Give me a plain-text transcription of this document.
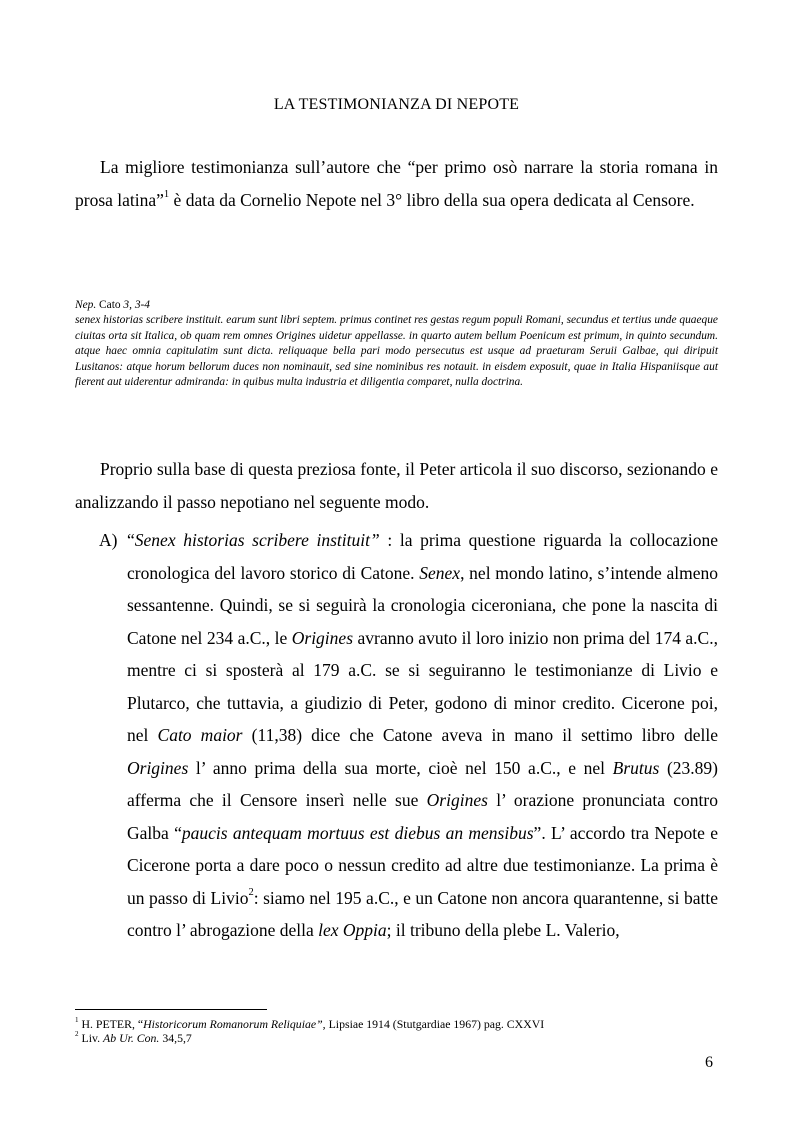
LA TESTIMONIANZA DI NEPOTE
La migliore testimonianza sull’autore che “per primo osò narrare la storia romana in prosa latina”$^1$ è data da Cornelio Nepote nel 3° libro della sua opera dedicata al Censore.
Nep. Cato 3, 3-4
senex historias scribere instituit. earum sunt libri septem. primus continet res gestas regum populi Romani, secundus et tertius unde quaeque ciuitas orta sit Italica, ob quam rem omnes Origines uidetur appellasse. in quarto autem bellum Poenicum est primum, in quinto secundum. atque haec omnia capitulatim sunt dicta. reliquaque bella pari modo persecutus est usque ad praeturam Seruii Galbae, qui diripuit Lusitanos: atque horum bellorum duces non nominauit, sed sine nominibus res notauit. in eisdem exposuit, quae in Italia Hispaniisque aut fierent aut uiderentur admiranda: in quibus multa industria et diligentia comparet, nulla doctrina.
Proprio sulla base di questa preziosa fonte, il Peter articola il suo discorso, sezionando e analizzando il passo nepotiano nel seguente modo.
A) “Senex historias scribere instituit” : la prima questione riguarda la collocazione cronologica del lavoro storico di Catone. Senex, nel mondo latino, s’intende almeno sessantenne. Quindi, se si seguirà la cronologia ciceroniana, che pone la nascita di Catone nel 234 a.C., le Origines avranno avuto il loro inizio non prima del 174 a.C., mentre ci si sposterà al 179 a.C. se si seguiranno le testimonianze di Livio e Plutarco, che tuttavia, a giudizio di Peter, godono di minor credito. Cicerone poi, nel Cato maior (11,38) dice che Catone aveva in mano il settimo libro delle Origines l’ anno prima della sua morte, cioè nel 150 a.C., e nel Brutus (23.89) afferma che il Censore inserì nelle sue Origines l’ orazione pronunciata contro Galba “paucis antequam mortuus est diebus an mensibus”. L’ accordo tra Nepote e Cicerone porta a dare poco o nessun credito ad altre due testimonianze. La prima è un passo di Livio$^2$: siamo nel 195 a.C., e un Catone non ancora quarantenne, si batte contro l’ abrogazione della lex Oppia; il tribuno della plebe L. Valerio,
$^1$ H. PETER, “Historicorum Romanorum Reliquiae”, Lipsiae 1914 (Stutgardiae 1967) pag. CXXVI
$^2$ Liv. Ab Ur. Con. 34,5,7
6
